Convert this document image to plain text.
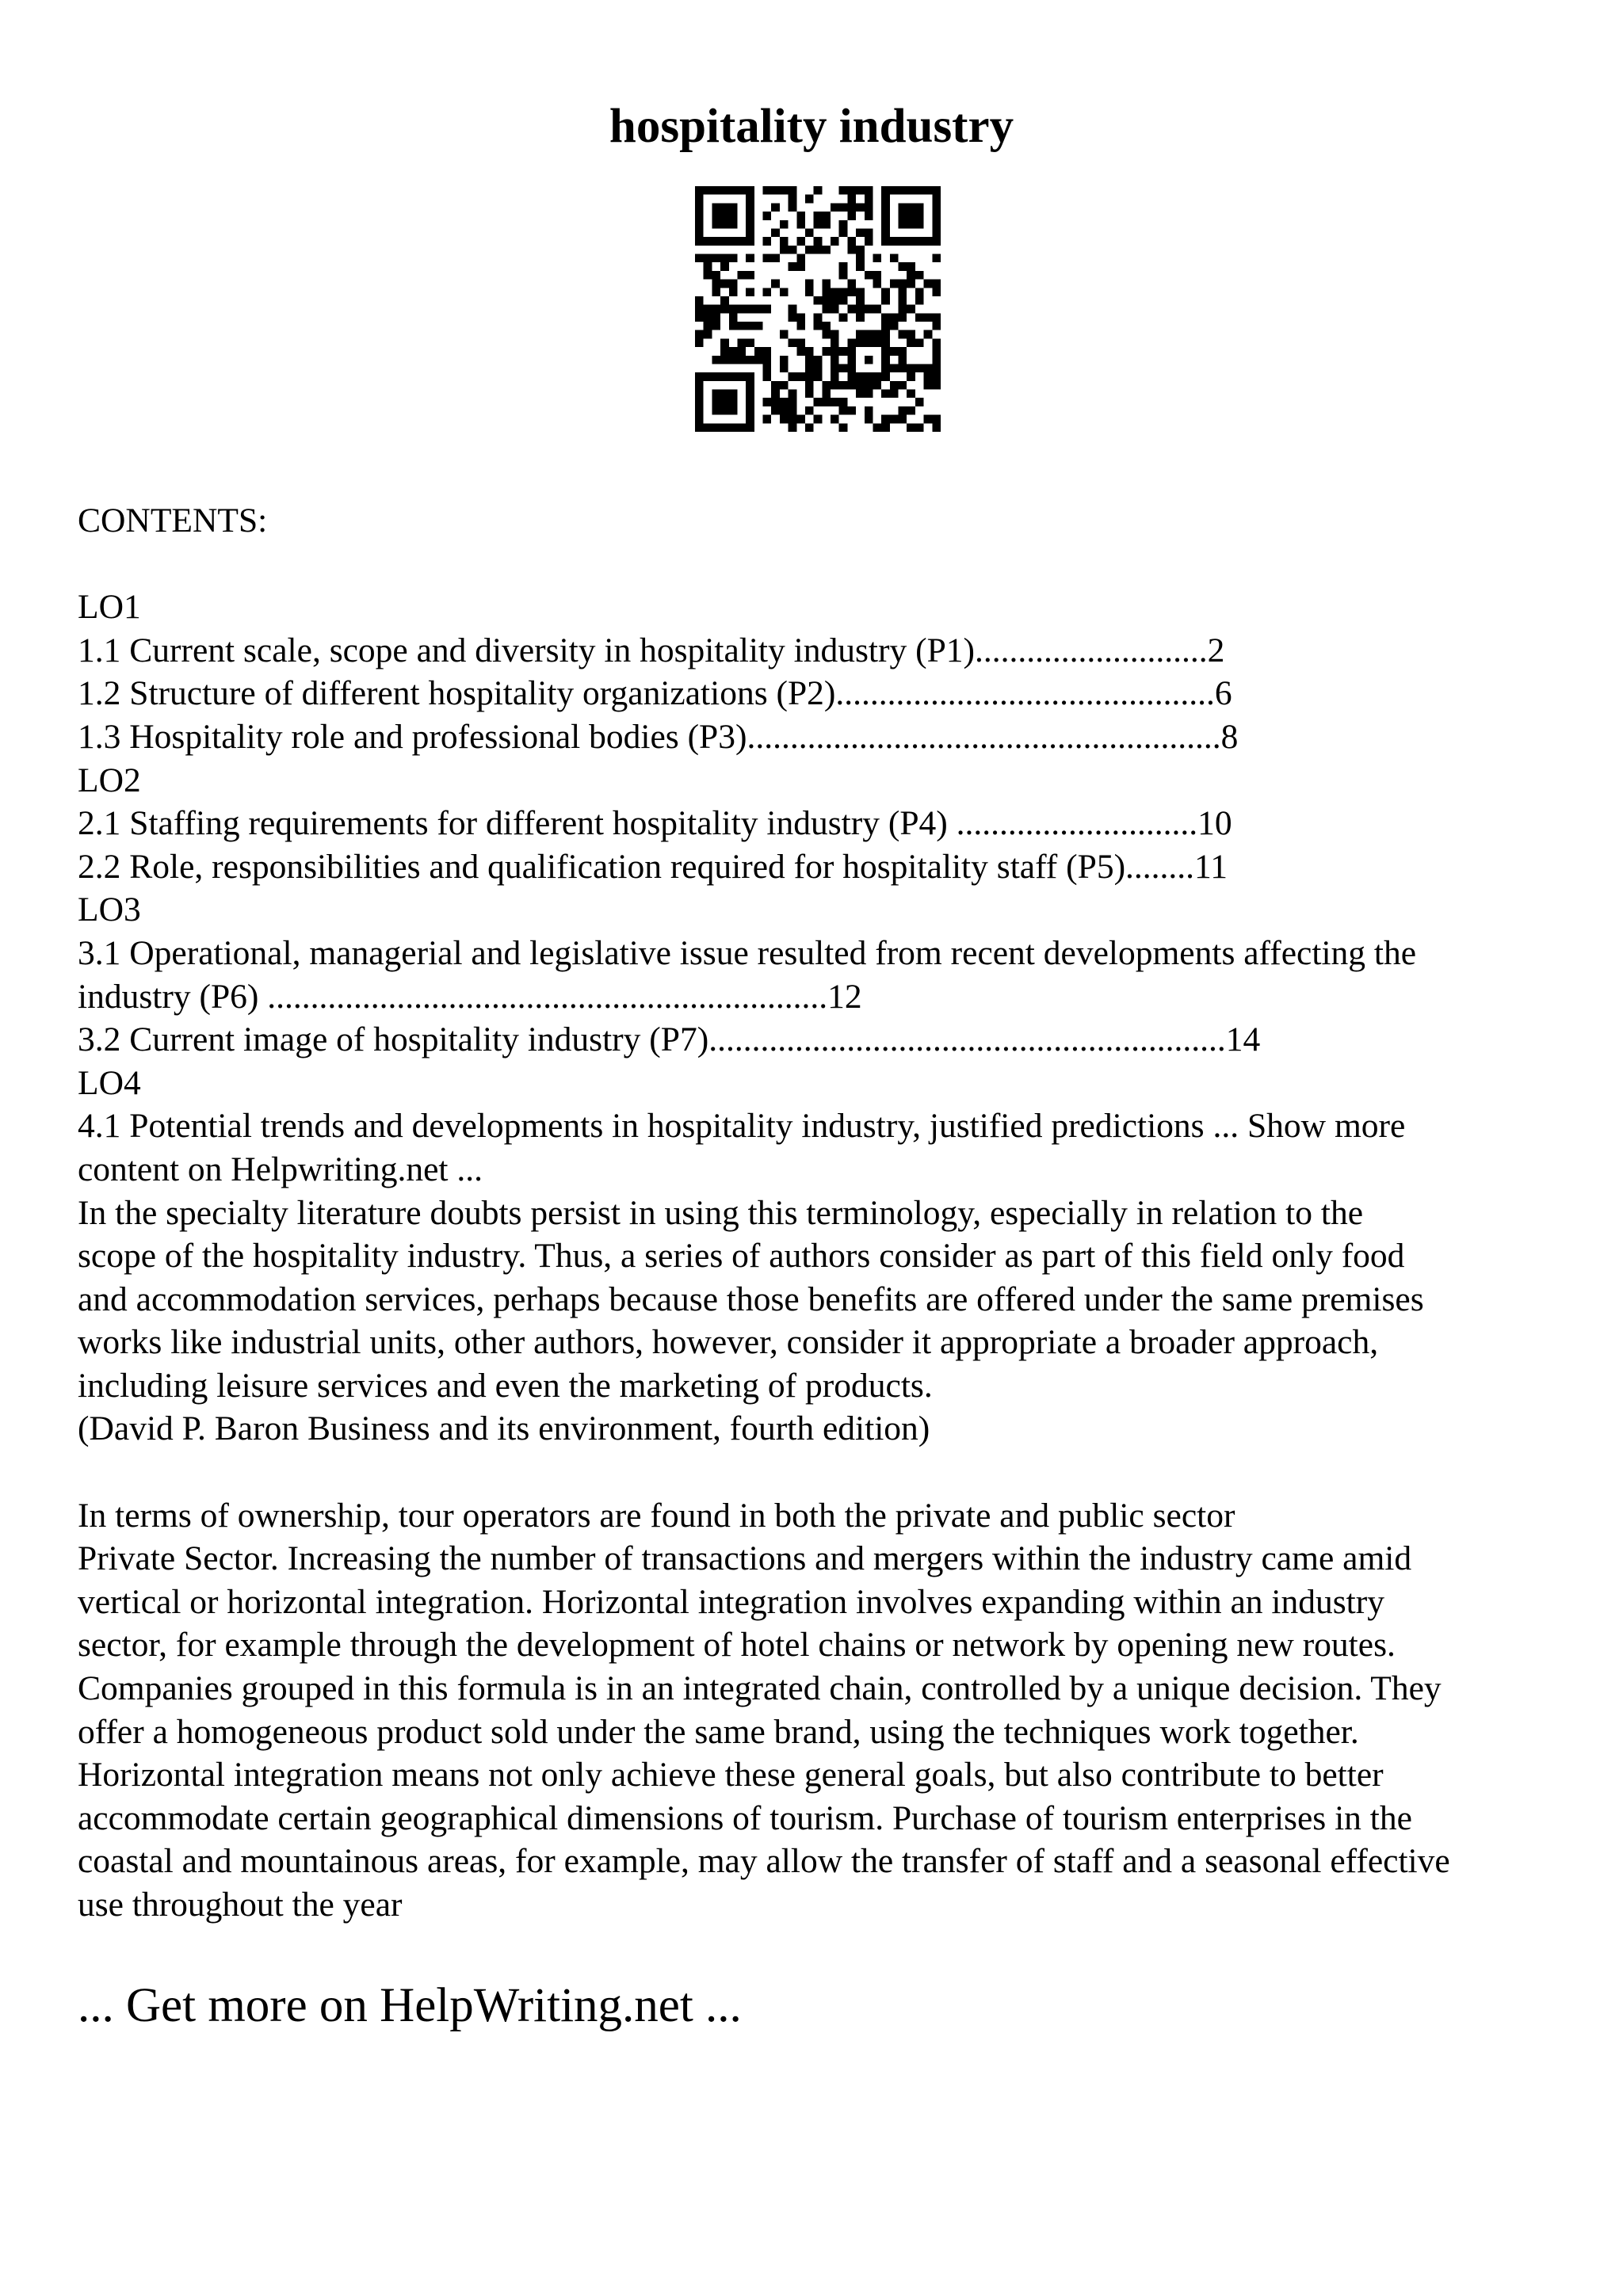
hospitality industry
CONTENTS:
LO1
1.1 Current scale, scope and diversity in hospitality industry (P1)...........................2
1.2 Structure of different hospitality organizations (P2)............................................6
1.3 Hospitality role and professional bodies (P3).......................................................8
LO2
2.1 Staffing requirements for different hospitality industry (P4) ............................10
2.2 Role, responsibilities and qualification required for hospitality staff (P5)........11
LO3
3.1 Operational, managerial and legislative issue resulted from recent developments affecting the
industry (P6) .................................................................12
3.2 Current image of hospitality industry (P7)............................................................14
LO4
4.1 Potential trends and developments in hospitality industry, justified predictions ... Show more
content on Helpwriting.net ...
In the specialty literature doubts persist in using this terminology, especially in relation to the
scope of the hospitality industry. Thus, a series of authors consider as part of this field only food
and accommodation services, perhaps because those benefits are offered under the same premises
works like industrial units, other authors, however, consider it appropriate a broader approach,
including leisure services and even the marketing of products.
(David P. Baron Business and its environment, fourth edition)
In terms of ownership, tour operators are found in both the private and public sector
Private Sector. Increasing the number of transactions and mergers within the industry came amid
vertical or horizontal integration. Horizontal integration involves expanding within an industry
sector, for example through the development of hotel chains or network by opening new routes.
Companies grouped in this formula is in an integrated chain, controlled by a unique decision. They
offer a homogeneous product sold under the same brand, using the techniques work together.
Horizontal integration means not only achieve these general goals, but also contribute to better
accommodate certain geographical dimensions of tourism. Purchase of tourism enterprises in the
coastal and mountainous areas, for example, may allow the transfer of staff and a seasonal effective
use throughout the year
... Get more on HelpWriting.net ...
